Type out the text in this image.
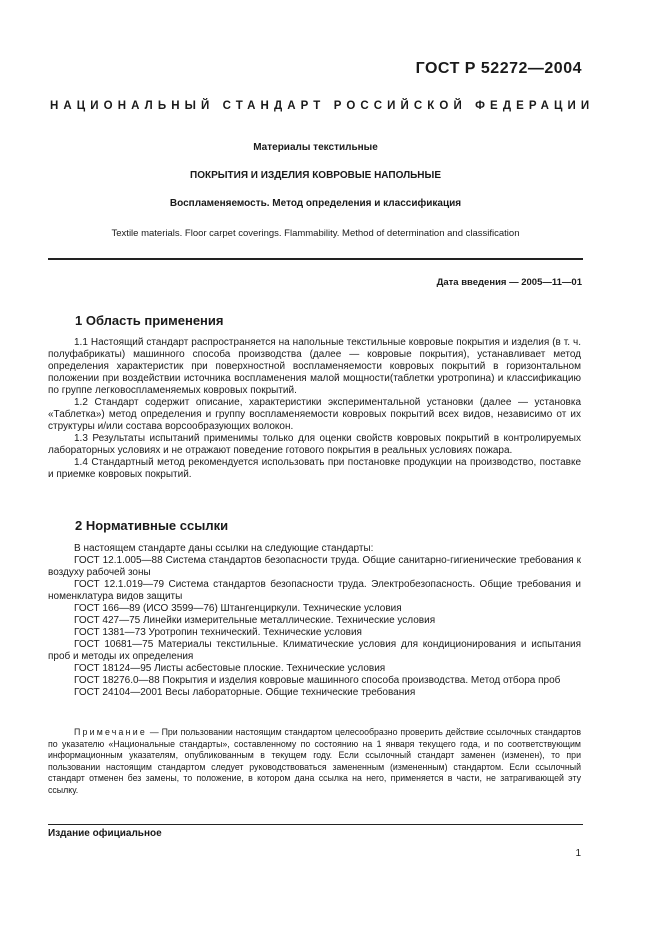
ГОСТ Р 52272—2004
НАЦИОНАЛЬНЫЙ СТАНДАРТ РОССИЙСКОЙ ФЕДЕРАЦИИ
Материалы текстильные
ПОКРЫТИЯ И ИЗДЕЛИЯ КОВРОВЫЕ НАПОЛЬНЫЕ
Воспламеняемость. Метод определения и классификация
Textile materials. Floor carpet coverings. Flammability. Method of determination and classification
Дата введения — 2005—11—01
1 Область применения

1.1 Настоящий стандарт распространяется на напольные текстильные ковровые покрытия и изделия (в т. ч. полуфабрикаты) машинного способа производства (далее — ковровые покрытия), устанавливает метод определения характеристик при поверхностной воспламеняемости ковровых покрытий в горизонтальном положении при воздействии источника воспламенения малой мощности(таблетки уротропина) и классификацию по группе легковоспламеняемых ковровых покрытий.

1.2 Стандарт содержит описание, характеристики экспериментальной установки (далее — установка «Таблетка») метод определения и группу воспламеняемости ковровых покрытий всех видов, независимо от их структуры и/или состава ворсообразующих волокон.

1.3 Результаты испытаний применимы только для оценки свойств ковровых покрытий в контролируемых лабораторных условиях и не отражают поведение готового покрытия в реальных условиях пожара.

1.4 Стандартный метод рекомендуется использовать при постановке продукции на производство, поставке и приемке ковровых покрытий.

2 Нормативные ссылки

В настоящем стандарте даны ссылки на следующие стандарты:

ГОСТ 12.1.005—88 Система стандартов безопасности труда. Общие санитарно-гигиенические требования к воздуху рабочей зоны

ГОСТ 12.1.019—79 Система стандартов безопасности труда. Электробезопасность. Общие требования и номенклатура видов защиты

ГОСТ 166—89 (ИСО 3599—76) Штангенциркули. Технические условия

ГОСТ 427—75 Линейки измерительные металлические. Технические условия

ГОСТ 1381—73 Уротропин технический. Технические условия

ГОСТ 10681—75 Материалы текстильные. Климатические условия для кондиционирования и испытания проб и методы их определения

ГОСТ 18124—95 Листы асбестовые плоские. Технические условия

ГОСТ 18276.0—88 Покрытия и изделия ковровые машинного способа производства. Метод отбора проб

ГОСТ 24104—2001 Весы лабораторные. Общие технические требования

Примечание — При пользовании настоящим стандартом целесообразно проверить действие ссылочных стандартов по указателю «Национальные стандарты», составленному по состоянию на 1 января текущего года, и по соответствующим информационным указателям, опубликованным в текущем году. Если ссылочный стандарт заменен (изменен), то при пользовании настоящим стандартом следует руководствоваться замененным (измененным) стандартом. Если ссылочный стандарт отменен без замены, то положение, в котором дана ссылка на него, применяется в части, не затрагивающей эту ссылку.
Издание официальное
1
